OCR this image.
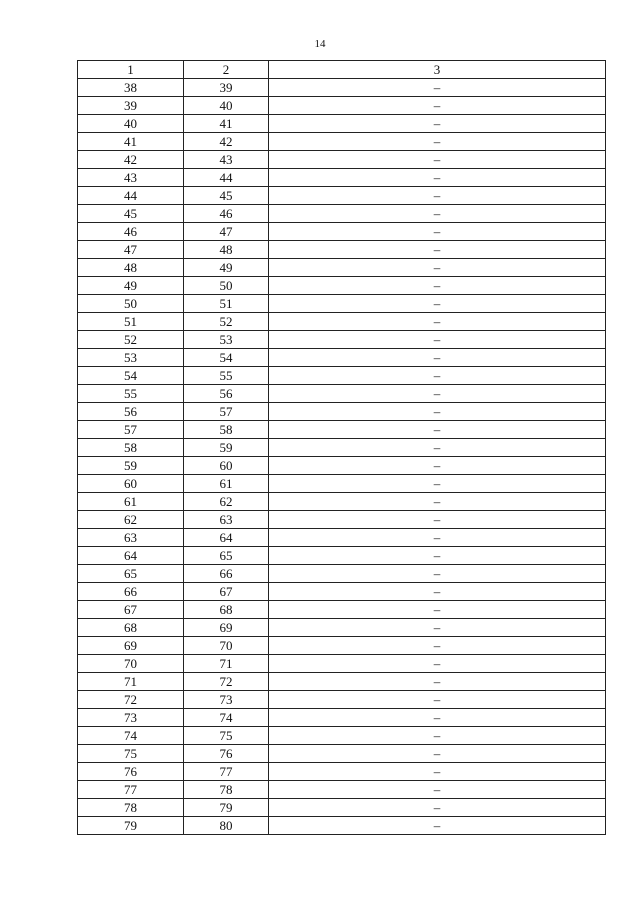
14
1	2	3
38	39	–
39	40	–
40	41	–
41	42	–
42	43	–
43	44	–
44	45	–
45	46	–
46	47	–
47	48	–
48	49	–
49	50	–
50	51	–
51	52	–
52	53	–
53	54	–
54	55	–
55	56	–
56	57	–
57	58	–
58	59	–
59	60	–
60	61	–
61	62	–
62	63	–
63	64	–
64	65	–
65	66	–
66	67	–
67	68	–
68	69	–
69	70	–
70	71	–
71	72	–
72	73	–
73	74	–
74	75	–
75	76	–
76	77	–
77	78	–
78	79	–
79	80	–
